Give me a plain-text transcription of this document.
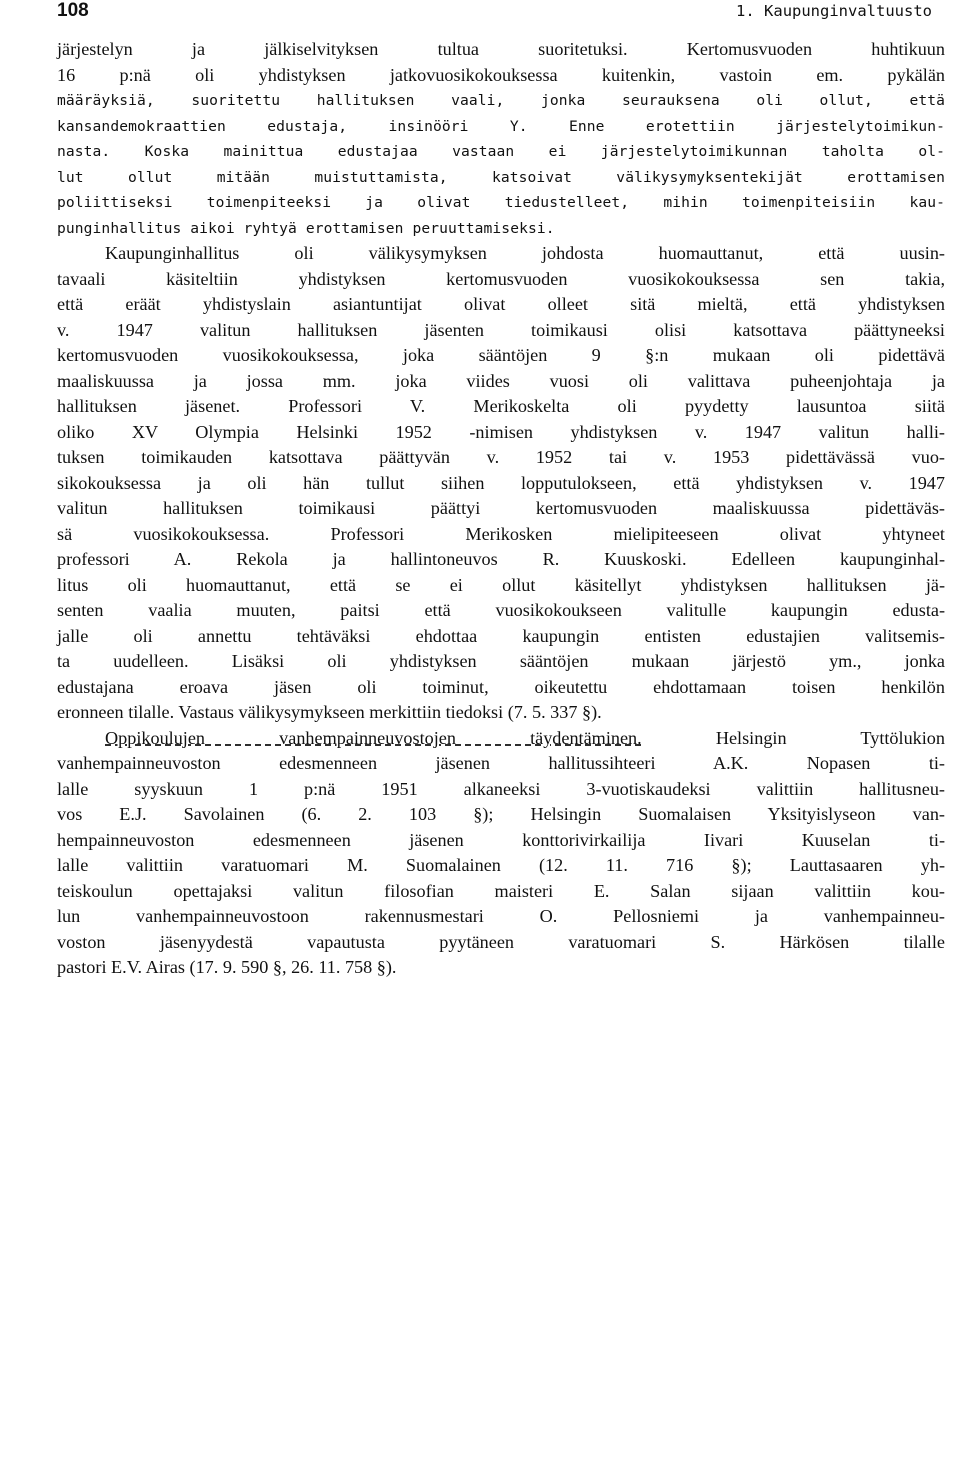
108	1. Kaupunginvaltuusto
järjestelyn ja jälkiselvityksen tultua suoritetuksi. Kertomusvuoden huhtikuun
16 p:nä oli yhdistyksen jatkovuosikokouksessa kuitenkin, vastoin em. pykälän
määräyksiä, suoritettu hallituksen vaali, jonka seurauksena oli ollut, että
kansandemokraattien edustaja, insinööri Y. Enne erotettiin järjestelytoimikun-
nasta. Koska mainittua edustajaa vastaan ei järjestelytoimikunnan taholta ol-
lut ollut mitään muistuttamista, katsoivat välikysymyksentekijät erottamisen
poliittiseksi toimenpiteeksi ja olivat tiedustelleet, mihin toimenpiteisiin kau-
punginhallitus aikoi ryhtyä erottamisen peruuttamiseksi.
Kaupunginhallitus oli välikysymyksen johdosta huomauttanut, että uusin-
tavaali käsiteltiin yhdistyksen kertomusvuoden vuosikokouksessa sen takia,
että eräät yhdistyslain asiantuntijat olivat olleet sitä mieltä, että yhdistyksen
v. 1947 valitun hallituksen jäsenten toimikausi olisi katsottava päättyneeksi
kertomusvuoden vuosikokouksessa, joka sääntöjen 9 §:n mukaan oli pidettävä
maaliskuussa ja jossa mm. joka viides vuosi oli valittava puheenjohtaja ja
hallituksen jäsenet. Professori V. Merikoskelta oli pyydetty lausuntoa siitä
oliko XV Olympia Helsinki 1952 -nimisen yhdistyksen v. 1947 valitun halli-
tuksen toimikauden katsottava päättyvän v. 1952 tai v. 1953 pidettävässä vuo-
sikokouksessa ja oli hän tullut siihen lopputulokseen, että yhdistyksen v. 1947
valitun hallituksen toimikausi päättyi kertomusvuoden maaliskuussa pidettäväs-
sä vuosikokouksessa. Professori Merikosken mielipiteeseen olivat yhtyneet
professori A. Rekola ja hallintoneuvos R. Kuuskoski. Edelleen kaupunginhal-
litus oli huomauttanut, että se ei ollut käsitellyt yhdistyksen hallituksen jä-
senten vaalia muuten, paitsi että vuosikokoukseen valitulle kaupungin edusta-
jalle oli annettu tehtäväksi ehdottaa kaupungin entisten edustajien valitsemis-
ta uudelleen. Lisäksi oli yhdistyksen sääntöjen mukaan järjestö ym., jonka
edustajana eroava jäsen oli toiminut, oikeutettu ehdottamaan toisen henkilön
eronneen tilalle. Vastaus välikysymykseen merkittiin tiedoksi (7. 5. 337 §).
Oppikoulujen vanhempainneuvostojen täydentäminen. Helsingin Tyttölukion
vanhempainneuvoston edesmenneen jäsenen hallitussihteeri A.K. Nopasen ti-
lalle syyskuun 1 p:nä 1951 alkaneeksi 3-vuotiskaudeksi valittiin hallitusneu-
vos E.J. Savolainen (6. 2. 103 §); Helsingin Suomalaisen Yksityislyseon van-
hempainneuvoston edesmenneen jäsenen konttorivirkailija Iivari Kuuselan ti-
lalle valittiin varatuomari M. Suomalainen (12. 11. 716 §); Lauttasaaren yh-
teiskoulun opettajaksi valitun filosofian maisteri E. Salan sijaan valittiin kou-
lun vanhempainneuvostoon rakennusmestari O. Pellosniemi ja vanhempainneu-
voston jäsenyydestä vapautusta pyytäneen varatuomari S. Härkösen tilalle
pastori E.V. Airas (17. 9. 590 §, 26. 11. 758 §).
